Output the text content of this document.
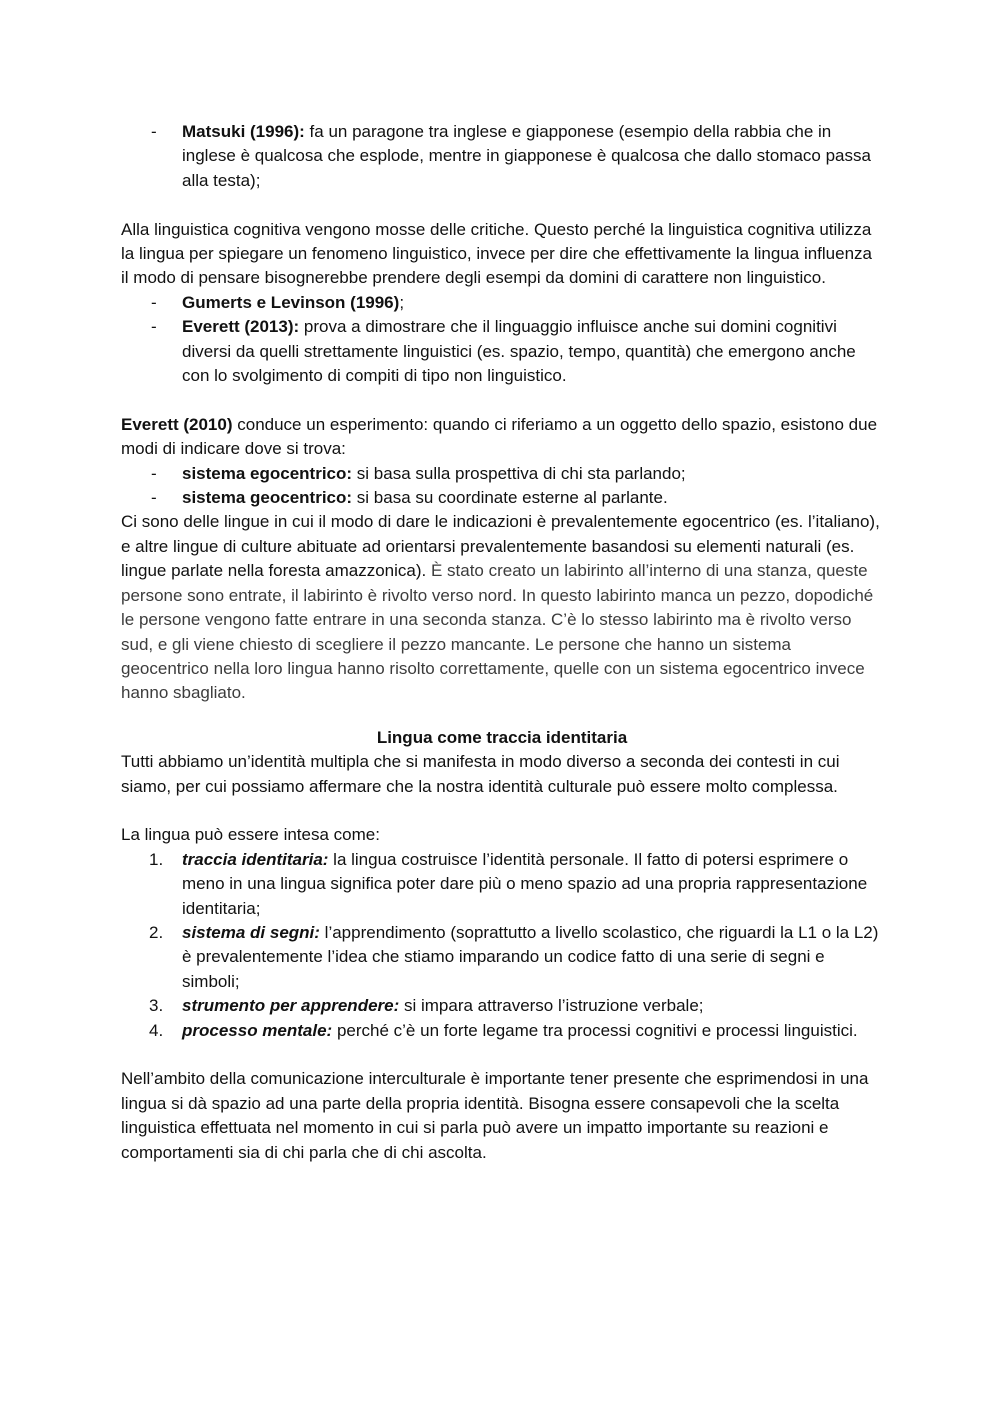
- Matsuki (1996): fa un paragone tra inglese e giapponese (esempio della rabbia che in inglese è qualcosa che esplode, mentre in giapponese è qualcosa che dallo stomaco passa alla testa);

Alla linguistica cognitiva vengono mosse delle critiche. Questo perché la linguistica cognitiva utilizza la lingua per spiegare un fenomeno linguistico, invece per dire che effettivamente la lingua influenza il modo di pensare bisognerebbe prendere degli esempi da domini di carattere non linguistico.

- Gumerts e Levinson (1996);
- Everett (2013): prova a dimostrare che il linguaggio influisce anche sui domini cognitivi diversi da quelli strettamente linguistici (es. spazio, tempo, quantità) che emergono anche con lo svolgimento di compiti di tipo non linguistico.

Everett (2010) conduce un esperimento: quando ci riferiamo a un oggetto dello spazio, esistono due modi di indicare dove si trova:

- sistema egocentrico: si basa sulla prospettiva di chi sta parlando;
- sistema geocentrico: si basa su coordinate esterne al parlante.

Ci sono delle lingue in cui il modo di dare le indicazioni è prevalentemente egocentrico (es. l’italiano), e altre lingue di culture abituate ad orientarsi prevalentemente basandosi su elementi naturali (es. lingue parlate nella foresta amazzonica). È stato creato un labirinto all’interno di una stanza, queste persone sono entrate, il labirinto è rivolto verso nord. In questo labirinto manca un pezzo, dopodiché le persone vengono fatte entrare in una seconda stanza. C’è lo stesso labirinto ma è rivolto verso sud, e gli viene chiesto di scegliere il pezzo mancante. Le persone che hanno un sistema geocentrico nella loro lingua hanno risolto correttamente, quelle con un sistema egocentrico invece hanno sbagliato.

Lingua come traccia identitaria

Tutti abbiamo un’identità multipla che si manifesta in modo diverso a seconda dei contesti in cui siamo, per cui possiamo affermare che la nostra identità culturale può essere molto complessa.

La lingua può essere intesa come:

1. traccia identitaria: la lingua costruisce l’identità personale. Il fatto di potersi esprimere o meno in una lingua significa poter dare più o meno spazio ad una propria rappresentazione identitaria;
2. sistema di segni: l’apprendimento (soprattutto a livello scolastico, che riguardi la L1 o la L2) è prevalentemente l’idea che stiamo imparando un codice fatto di una serie di segni e simboli;
3. strumento per apprendere: si impara attraverso l’istruzione verbale;
4. processo mentale: perché c’è un forte legame tra processi cognitivi e processi linguistici.

Nell’ambito della comunicazione interculturale è importante tener presente che esprimendosi in una lingua si dà spazio ad una parte della propria identità. Bisogna essere consapevoli che la scelta linguistica effettuata nel momento in cui si parla può avere un impatto importante su reazioni e comportamenti sia di chi parla che di chi ascolta.
